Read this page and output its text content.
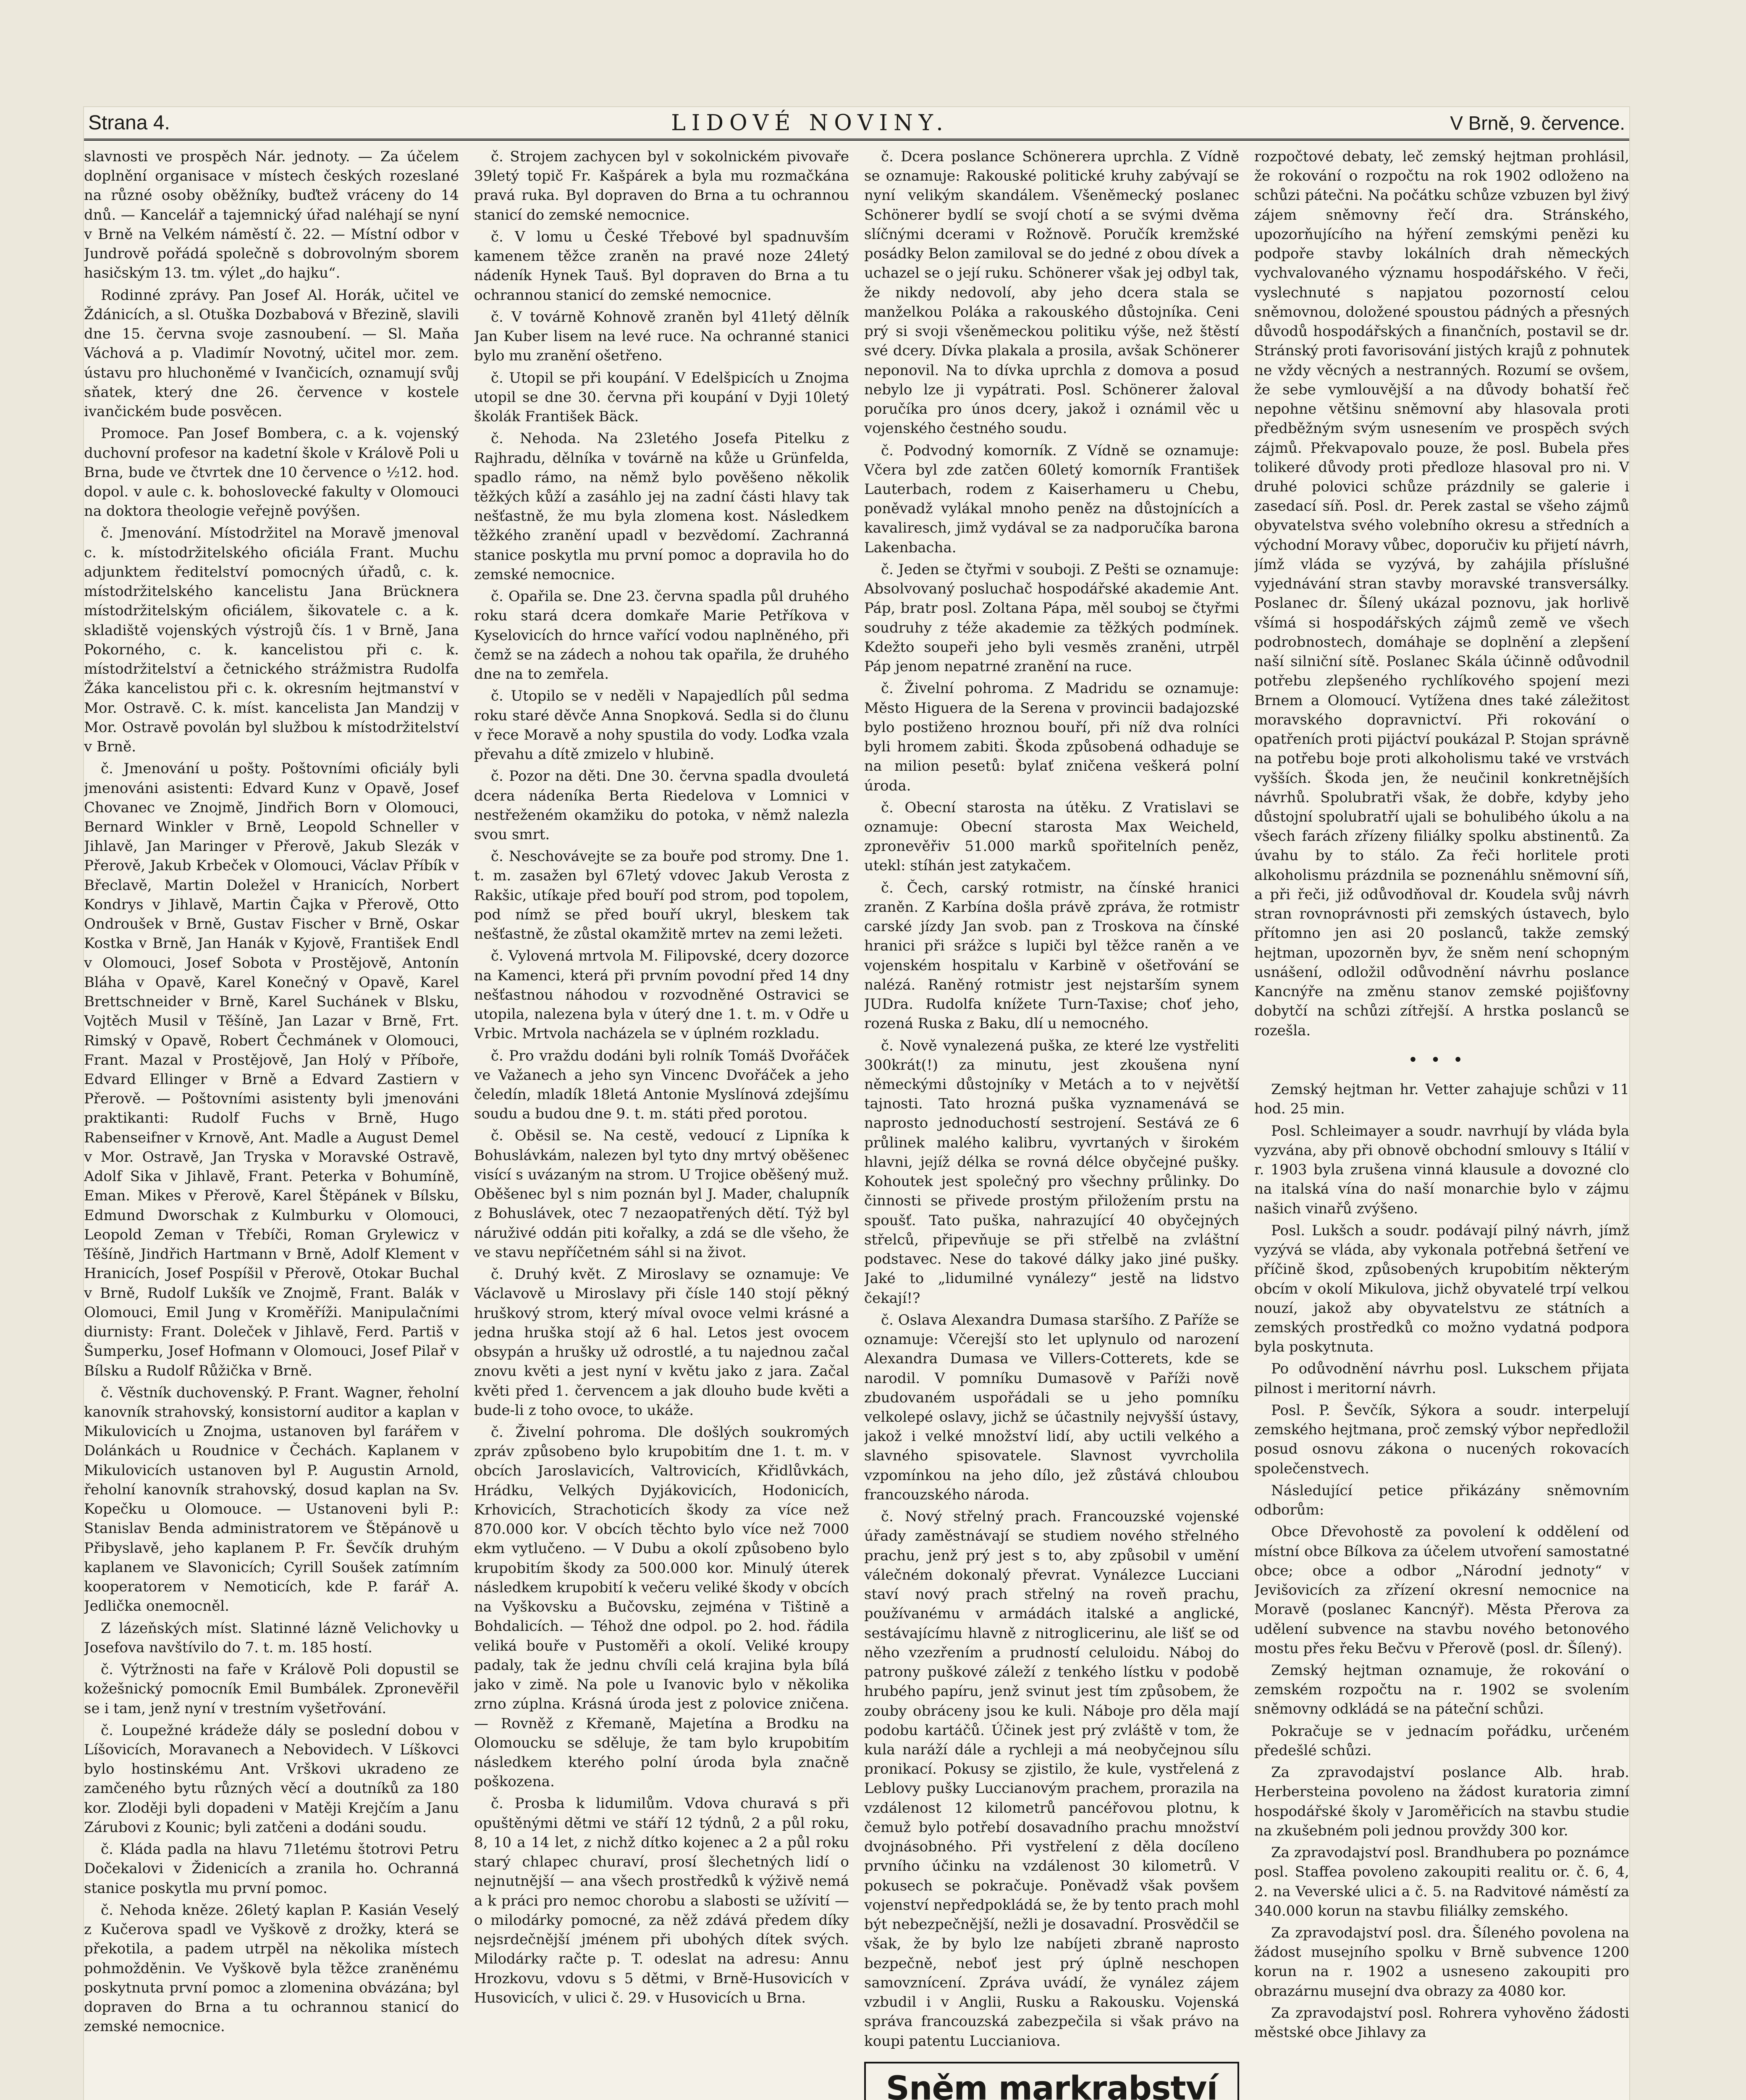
Strana 4.	LIDOVÉ NOVINY.	V Brně, 9. července.

slavnosti ve prospěch Nár. jednoty. — Za účelem doplnění organisace v místech českých rozeslané na různé osoby oběžníky, buďtež vráceny do 14 dnů. — Kancelář a tajemnický úřad naléhají se nyní v Brně na Velkém náměstí č. 22. — Místní odbor v Jundrově pořádá společně s dobrovolným sborem hasičským 13. tm. výlet „do hajku“.

Rodinné zprávy. Pan Josef Al. Horák, učitel ve Ždánicích, a sl. Otuška Dozbabová v Březině, slavili dne 15. června svoje zasnoubení. — Sl. Maňa Váchová a p. Vladimír Novotný, učitel mor. zem. ústavu pro hluchoněmé v Ivančicích, oznamují svůj sňatek, který dne 26. července v kostele ivančickém bude posvěcen.

Promoce. Pan Josef Bombera, c. a k. vojenský duchovní profesor na kadetní škole v Králově Poli u Brna, bude ve čtvrtek dne 10 července o ½12. hod. dopol. v aule c. k. bohoslovecké fakulty v Olomouci na doktora theologie veřejně povýšen.

č. Jmenování. Místodržitel na Moravě jmenoval c. k. místodržitelského oficiála Frant. Muchu adjunktem ředitelství pomocných úřadů, c. k. místodržitelského kancelistu Jana Brücknera místodržitelským oficiálem, šikovatele c. a k. skladiště vojenských výstrojů čís. 1 v Brně, Jana Pokorného, c. k. kancelistou při c. k. místodržitelství a četnického strážmistra Rudolfa Žáka kancelistou při c. k. okresním hejtmanství v Mor. Ostravě. C. k. míst. kancelista Jan Mandzij v Mor. Ostravě povolán byl službou k místodržitelství v Brně.

č. Jmenování u pošty. Poštovními oficiály byli jmenováni asistenti: Edvard Kunz v Opavě, Josef Chovanec ve Znojmě, Jindřich Born v Olomouci, Bernard Winkler v Brně, Leopold Schneller v Jihlavě, Jan Maringer v Přerově, Jakub Slezák v Přerově, Jakub Krbeček v Olomouci, Václav Příbík v Břeclavě, Martin Doležel v Hranicích, Norbert Kondrys v Jihlavě, Martin Čajka v Přerově, Otto Ondroušek v Brně, Gustav Fischer v Brně, Oskar Kostka v Brně, Jan Hanák v Kyjově, František Endl v Olomouci, Josef Sobota v Prostějově, Antonín Bláha v Opavě, Karel Konečný v Opavě, Karel Brettschneider v Brně, Karel Suchánek v Blsku, Vojtěch Musil v Těšíně, Jan Lazar v Brně, Frt. Rimský v Opavě, Robert Čechmánek v Olomouci, Frant. Mazal v Prostějově, Jan Holý v Příboře, Edvard Ellinger v Brně a Edvard Zastiern v Přerově. — Poštovními asistenty byli jmenováni praktikanti: Rudolf Fuchs v Brně, Hugo Rabenseifner v Krnově, Ant. Madle a August Demel v Mor. Ostravě, Jan Tryska v Moravské Ostravě, Adolf Sika v Jihlavě, Frant. Peterka v Bohumíně, Eman. Mikes v Přerově, Karel Štěpánek v Bílsku, Edmund Dworschak z Kulmburku v Olomouci, Leopold Zeman v Třebíči, Roman Grylewicz v Těšíně, Jindřich Hartmann v Brně, Adolf Klement v Hranicích, Josef Pospíšil v Přerově, Otokar Buchal v Brně, Rudolf Lukšík ve Znojmě, Frant. Balák v Olomouci, Emil Jung v Kroměříži. Manipulačními diurnisty: Frant. Doleček v Jihlavě, Ferd. Partiš v Šumperku, Josef Hofmann v Olomouci, Josef Pilař v Bílsku a Rudolf Růžička v Brně.

č. Věstník duchovenský. P. Frant. Wagner, řeholní kanovník strahovský, konsistorní auditor a kaplan v Mikulovicích u Znojma, ustanoven byl farářem v Dolánkách u Roudnice v Čechách. Kaplanem v Mikulovicích ustanoven byl P. Augustin Arnold, řeholní kanovník strahovský, dosud kaplan na Sv. Kopečku u Olomouce. — Ustanoveni byli P.: Stanislav Benda administratorem ve Štěpánově u Přibyslavě, jeho kaplanem P. Fr. Ševčík druhým kaplanem ve Slavonicích; Cyrill Soušek zatímním kooperatorem v Nemoticích, kde P. farář A. Jedlička onemocněl.

Z lázeňských míst. Slatinné lázně Velichovky u Josefova navštívilo do 7. t. m. 185 hostí.

č. Výtržnosti na faře v Králově Poli dopustil se kožešnický pomocník Emil Bumbálek. Zpronevěřil se i tam, jenž nyní v trestním vyšetřování.

č. Loupežné krádeže dály se poslední dobou v Líšovicích, Moravanech a Nebovidech. V Líškovci bylo hostinskému Ant. Vrškovi ukradeno ze zamčeného bytu různých věcí a doutníků za 180 kor. Zloději byli dopadeni v Matěji Krejčím a Janu Zárubovi z Kounic; byli zatčeni a dodáni soudu.

č. Kláda padla na hlavu 71letému štotrovi Petru Dočekalovi v Židenicích a zranila ho. Ochranná stanice poskytla mu první pomoc.

č. Nehoda kněze. 26letý kaplan P. Kasián Veselý z Kučerova spadl ve Vyškově z drožky, která se překotila, a padem utrpěl na několika místech pohmožděnin. Ve Vyškově byla těžce zraněnému poskytnuta první pomoc a zlomenina obvázána; byl dopraven do Brna a tu ochrannou stanicí do zemské nemocnice.

č. Strojem zachycen byl v sokolnickém pivovaře 39letý topič Fr. Kašpárek a byla mu rozmačkána pravá ruka. Byl dopraven do Brna a tu ochrannou stanicí do zemské nemocnice.

č. V lomu u České Třebové byl spadnuvším kamenem těžce zraněn na pravé noze 24letý nádeník Hynek Tauš. Byl dopraven do Brna a tu ochrannou stanicí do zemské nemocnice.

č. V továrně Kohnově zraněn byl 41letý dělník Jan Kuber lisem na levé ruce. Na ochranné stanici bylo mu zranění ošetřeno.

č. Utopil se při koupání. V Edelšpicích u Znojma utopil se dne 30. června při koupání v Dyji 10letý školák František Bäck.

č. Nehoda. Na 23letého Josefa Pitelku z Rajhradu, dělníka v továrně na kůže u Grünfelda, spadlo rámo, na němž bylo pověšeno několik těžkých kůží a zasáhlo jej na zadní části hlavy tak nešťastně, že mu byla zlomena kost. Následkem těžkého zranění upadl v bezvědomí. Zachranná stanice poskytla mu první pomoc a dopravila ho do zemské nemocnice.

č. Opařila se. Dne 23. června spadla půl druhého roku stará dcera domkaře Marie Petříkova v Kyselovicích do hrnce vařící vodou naplněného, při čemž se na zádech a nohou tak opařila, že druhého dne na to zemřela.

č. Utopilo se v neděli v Napajedlích půl sedma roku staré děvče Anna Snopková. Sedla si do člunu v řece Moravě a nohy spustila do vody. Loďka vzala převahu a dítě zmizelo v hlubině.

č. Pozor na děti. Dne 30. června spadla dvouletá dcera nádeníka Berta Riedelova v Lomnici v nestřeženém okamžiku do potoka, v němž nalezla svou smrt.

č. Neschovávejte se za bouře pod stromy. Dne 1. t. m. zasažen byl 67letý vdovec Jakub Verosta z Rakšic, utíkaje před bouří pod strom, pod topolem, pod nímž se před bouří ukryl, bleskem tak nešťastně, že zůstal okamžitě mrtev na zemi ležeti.

č. Vylovená mrtvola M. Filipovské, dcery dozorce na Kamenci, která při prvním povodní před 14 dny nešťastnou náhodou v rozvodněné Ostravici se utopila, nalezena byla v úterý dne 1. t. m. v Odře u Vrbic. Mrtvola nacházela se v úplném rozkladu.

č. Pro vraždu dodáni byli rolník Tomáš Dvořáček ve Važanech a jeho syn Vincenc Dvořáček a jeho čeledín, mladík 18letá Antonie Myslínová zdejšímu soudu a budou dne 9. t. m. státi před porotou.

č. Oběsil se. Na cestě, vedoucí z Lipníka k Bohuslávkám, nalezen byl tyto dny mrtvý oběšenec visící s uvázaným na strom. U Trojice oběšený muž. Oběšenec byl s nim poznán byl J. Mader, chalupník z Bohuslávek, otec 7 nezaopatřených dětí. Týž byl náruživé oddán piti kořalky, a zdá se dle všeho, že ve stavu nepříčetném sáhl si na život.

č. Druhý květ. Z Miroslavy se oznamuje: Ve Václavově u Miroslavy při čísle 140 stojí pěkný hruškový strom, který míval ovoce velmi krásné a jedna hruška stojí až 6 hal. Letos jest ovocem obsypán a hrušky už odrostlé, a tu najednou začal znovu květi a jest nyní v květu jako z jara. Začal květi před 1. červencem a jak dlouho bude květi a bude-li z toho ovoce, to ukáže.

č. Živelní pohroma. Dle došlých soukromých zpráv způsobeno bylo krupobitím dne 1. t. m. v obcích Jaroslavicích, Valtrovicích, Křidlůvkách, Hrádku, Velkých Dyjákovicích, Hodonicích, Krhovicích, Strachoticích škody za více než 870.000 kor. V obcích těchto bylo více než 7000 ekm vytlučeno. — V Dubu a okolí způsobeno bylo krupobitím škody za 500.000 kor. Minulý úterek následkem krupobití k večeru veliké škody v obcích na Vyškovsku a Bučovsku, zejména v Tištině a Bohdalicích. — Téhož dne odpol. po 2. hod. řádila veliká bouře v Pustoměři a okolí. Veliké kroupy padaly, tak že jednu chvíli celá krajina byla bílá jako v zimě. Na pole u Ivanovic bylo v několika zrno zúplna. Krásná úroda jest z polovice zničena. — Rovněž z Křemaně, Majetína a Brodku na Olomoucku se sděluje, že tam bylo krupobitím následkem kterého polní úroda byla značně poškozena.

č. Prosba k lidumilům. Vdova churavá s při opuštěnými dětmi ve stáří 12 týdnů, 2 a půl roku, 8, 10 a 14 let, z nichž dítko kojenec a 2 a půl roku starý chlapec churaví, prosí šlechetných lidí o nejnutnější — ana všech prostředků k výživě nemá a k práci pro nemoc chorobu a slabosti se užívití — o milodárky pomocné, za něž zdává předem díky nejsrdečnější jménem při ubohých dítek svých. Milodárky račte p. T. odeslat na adresu: Annu Hrozkovu, vdovu s 5 dětmi, v Brně-Husovicích v Husovicích, v ulici č. 29. v Husovicích u Brna.

č. Dcera poslance Schönerera uprchla. Z Vídně se oznamuje: Rakouské politické kruhy zabývají se nyní velikým skandálem. Všeněmecký poslanec Schönerer bydlí se svojí chotí a se svými dvěma slíčnými dcerami v Rožnově. Poručík kremžské posádky Belon zamiloval se do jedné z obou dívek a uchazel se o její ruku. Schönerer však jej odbyl tak, že nikdy nedovolí, aby jeho dcera stala se manželkou Poláka a rakouského důstojníka. Ceni prý si svoji všeněmeckou politiku výše, než štěstí své dcery. Dívka plakala a prosila, avšak Schönerer neponovil. Na to dívka uprchla z domova a posud nebylo lze ji vypátrati. Posl. Schönerer žaloval poručíka pro únos dcery, jakož i oznámil věc u vojenského čestného soudu.

č. Podvodný komorník. Z Vídně se oznamuje: Včera byl zde zatčen 60letý komorník František Lauterbach, rodem z Kaiserhameru u Chebu, poněvadž vylákal mnoho peněz na důstojnících a kavaliresch, jimž vydával se za nadporučíka barona Lakenbacha.

č. Jeden se čtyřmi v souboji. Z Pešti se oznamuje: Absolvovaný posluchač hospodářské akademie Ant. Páp, bratr posl. Zoltana Pápa, měl souboj se čtyřmi soudruhy z téže akademie za těžkých podmínek. Kdežto soupeři jeho byli vesměs zraněni, utrpěl Páp jenom nepatrné zranění na ruce.

č. Živelní pohroma. Z Madridu se oznamuje: Město Higuera de la Serena v provincii badajozské bylo postiženo hroznou bouří, při níž dva rolníci byli hromem zabiti. Škoda způsobená odhaduje se na milion pesetů: bylať zničena veškerá polní úroda.

č. Obecní starosta na útěku. Z Vratislavi se oznamuje: Obecní starosta Max Weicheld, zpronevěřiv 51.000 marků spořitelních peněz, utekl: stíhán jest zatykačem.

č. Čech, carský rotmistr, na čínské hranici zraněn. Z Karbína došla právě zpráva, že rotmistr carské jízdy Jan svob. pan z Troskova na čínské hranici při srážce s lupiči byl těžce raněn a ve vojenském hospitalu v Karbině v ošetřování se nalézá. Raněný rotmistr jest nejstarším synem JUDra. Rudolfa knížete Turn-Taxise; choť jeho, rozená Ruska z Baku, dlí u nemocného.

č. Nově vynalezená puška, ze které lze vystřeliti 300krát(!) za minutu, jest zkoušena nyní německými důstojníky v Metách a to v největší tajnosti. Tato hrozná puška vyznamenává se naprosto jednoduchostí sestrojení. Sestává ze 6 průlinek malého kalibru, vyvrtaných v širokém hlavni, jejíž délka se rovná délce obyčejné pušky. Kohoutek jest společný pro všechny průlinky. Do činnosti se přivede prostým přiložením prstu na spoušť. Tato puška, nahrazující 40 obyčejných střelců, připevňuje se při střelbě na zvláštní podstavec. Nese do takové dálky jako jiné pušky. Jaké to „lidumilné vynálezy“ jestě na lidstvo čekají!?

č. Oslava Alexandra Dumasa staršího. Z Paříže se oznamuje: Včerejší sto let uplynulo od narození Alexandra Dumasa ve Villers-Cotterets, kde se narodil. V pomníku Dumasově v Paříži nově zbudovaném uspořádali se u jeho pomníku velkolepé oslavy, jichž se účastnily nejvyšší ústavy, jakož i velké množství lidí, aby uctili velkého a slavného spisovatele. Slavnost vyvrcholila vzpomínkou na jeho dílo, jež zůstává chloubou francouzského národa.

č. Nový střelný prach. Francouzské vojenské úřady zaměstnávají se studiem nového střelného prachu, jenž prý jest s to, aby způsobil v umění válečném dokonalý převrat. Vynálezce Lucciani staví nový prach střelný na roveň prachu, používanému v armádách italské a anglické, sestávajícímu hlavně z nitroglicerinu, ale lišť se od něho vzezřením a prudností celuloidu. Náboj do patrony puškové záleží z tenkého lístku v podobě hrubého papíru, jenž svinut jest tím způsobem, že zouby obráceny jsou ke kuli. Náboje pro děla mají podobu kartáčů. Účinek jest prý zvláště v tom, že kula naráží dále a rychleji a má neobyčejnou sílu pronikací. Pokusy se zjistilo, že kule, vystřelená z Leblovy pušky Luccianovým prachem, prorazila na vzdálenost 12 kilometrů pancéřovou plotnu, k čemuž bylo potřebí dosavadního prachu množství dvojnásobného. Při vystřelení z děla docíleno prvního účinku na vzdálenost 30 kilometrů. V pokusech se pokračuje. Poněvadž však povšem vojenství nepředpokládá se, že by tento prach mohl být nebezpečnější, nežli je dosavadní. Prosvědčil se však, že by bylo lze nabíjeti zbraně naprosto bezpečně, neboť jest prý úplně neschopen samovznícení. Zpráva uvádí, že vynález zájem vzbudil i v Anglii, Rusku a Rakousku. Vojenská správa francouzská zabezpečila si však právo na koupi patentu Luccianiova.

Sněm markrabství

rozpočtové debaty, leč zemský hejtman prohlásil, že rokování o rozpočtu na rok 1902 odloženo na schůzi pátečni. Na počátku schůze vzbuzen byl živý zájem sněmovny řečí dra. Stránského, upozorňujícího na hýření zemskými penězi ku podpoře stavby lokálních drah německých vychvalovaného významu hospodářského. V řeči, vyslechnuté s napjatou pozorností celou sněmovnou, doložené spoustou pádných a přesných důvodů hospodářských a finančních, postavil se dr. Stránský proti favorisování jistých krajů z pohnutek ne vždy věcných a nestranných. Rozumí se ovšem, že sebe vymlouvější a na důvody bohatší řeč nepohne většinu sněmovní aby hlasovala proti předběžným svým usnesením ve prospěch svých zájmů. Překvapovalo pouze, že posl. Bubela přes tolikeré důvody proti předloze hlasoval pro ni. V druhé polovici schůze prázdnily se galerie i zasedací síň. Posl. dr. Perek zastal se všeho zájmů obyvatelstva svého volebního okresu a středních a východní Moravy vůbec, doporučiv ku přijetí návrh, jímž vláda se vyzývá, by zahájila příslušné vyjednávání stran stavby moravské transversálky. Poslanec dr. Šílený ukázal poznovu, jak horlivě všímá si hospodářských zájmů země ve všech podrobnostech, domáhaje se doplnění a zlepšení naší silniční sítě. Poslanec Skála účinně odůvodnil potřebu zlepšeného rychlíkového spojení mezi Brnem a Olomoucí. Vytížena dnes také záležitost moravského dopravnictví. Při rokování o opatřeních proti pijáctví poukázal P. Stojan správně na potřebu boje proti alkoholismu také ve vrstvách vyšších. Škoda jen, že neučinil konkretnějších návrhů. Spolubratři však, že dobře, kdyby jeho důstojní spolubratří ujali se bohulibého úkolu a na všech farách zřízeny filiálky spolku abstinentů. Za úvahu by to stálo. Za řeči horlitele proti alkoholismu prázdnila se poznenáhlu sněmovní síň, a při řeči, již odůvodňoval dr. Koudela svůj návrh stran rovnoprávnosti při zemských ústavech, bylo přítomno jen asi 20 poslanců, takže zemský hejtman, upozorněn byv, že sněm není schopným usnášení, odložil odůvodnění návrhu poslance Kancnýře na změnu stanov zemské pojišťovny dobytčí na schůzi zítřejší. A hrstka poslanců se rozešla.

•​•​•

Zemský hejtman hr. Vetter zahajuje schůzi v 11 hod. 25 min.

Posl. Schleimayer a soudr. navrhují by vláda byla vyzvána, aby při obnově obchodní smlouvy s Itálií v r. 1903 byla zrušena vinná klausule a dovozné clo na italská vína do naší monarchie bylo v zájmu našich vinařů zvýšeno.

Posl. Lukšch a soudr. podávají pilný návrh, jímž vyzývá se vláda, aby vykonala potřebná šetření ve příčině škod, způsobených krupobitím některým obcím v okolí Mikulova, jichž obyvatelé trpí velkou nouzí, jakož aby obyvatelstvu ze státních a zemských prostředků co možno vydatná podpora byla poskytnuta.

Po odůvodnění návrhu posl. Lukschem přijata pilnost i meritorní návrh.

Posl. P. Ševčík, Sýkora a soudr. interpelují zemského hejtmana, proč zemský výbor nepředložil posud osnovu zákona o nucených rokovacích společenstvech.

Následující petice přikázány sněmovním odborům:

Obce Dřevohostě za povolení k oddělení od místní obce Bílkova za účelem utvoření samostatné obce; obce a odbor „Národní jednoty“ v Jevišovicích za zřízení okresní nemocnice na Moravě (poslanec Kancnýř). Města Přerova za udělení subvence na stavbu nového betonového mostu přes řeku Bečvu v Přerově (posl. dr. Šílený).

Zemský hejtman oznamuje, že rokování o zemském rozpočtu na r. 1902 se svolením sněmovny odkládá se na páteční schůzi.

Pokračuje se v jednacím pořádku, určeném předešlé schůzi.

Za zpravodajství poslance Alb. hrab. Herbersteina povoleno na žádost kuratoria zimní hospodářské školy v Jaroměřicích na stavbu studie na zkušebném poli jednou provždy 300 kor.

Za zpravodajství posl. Brandhubera po poznámce posl. Staffea povoleno zakoupiti realitu or. č. 6, 4, 2. na Veverské ulici a č. 5. na Radvitové náměstí za 340.000 korun na stavbu filiálky zemského.

Za zpravodajství posl. dra. Šíleného povolena na žádost musejního spolku v Brně subvence 1200 korun na r. 1902 a usneseno zakoupiti pro obrazárnu musejní dva obrazy za 4080 kor.

Za zpravodajství posl. Rohrera vyhověno žádosti městské obce Jihlavy za
